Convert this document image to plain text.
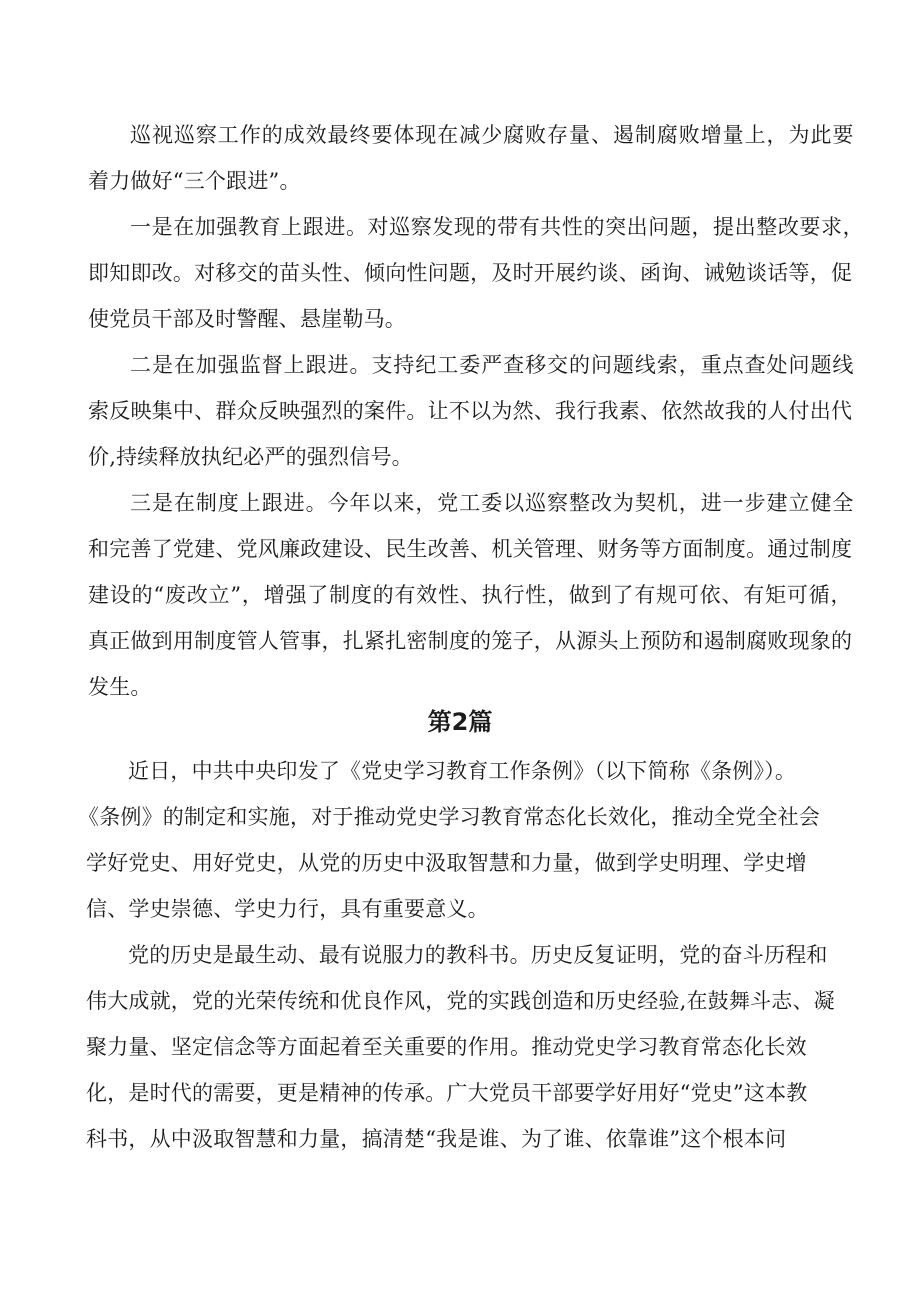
巡视巡察工作的成效最终要体现在减少腐败存量、遏制腐败增量上，为此要
着力做好“三个跟进”。
一是在加强教育上跟进。对巡察发现的带有共性的突出问题，提出整改要求，
即知即改。对移交的苗头性、倾向性问题，及时开展约谈、函询、诫勉谈话等，促
使党员干部及时警醒、悬崖勒马。
二是在加强监督上跟进。支持纪工委严查移交的问题线索，重点查处问题线
索反映集中、群众反映强烈的案件。让不以为然、我行我素、依然故我的人付出代
价,持续释放执纪必严的强烈信号。
三是在制度上跟进。今年以来，党工委以巡察整改为契机，进一步建立健全
和完善了党建、党风廉政建设、民生改善、机关管理、财务等方面制度。通过制度
建设的“废改立”，增强了制度的有效性、执行性，做到了有规可依、有矩可循，
真正做到用制度管人管事，扎紧扎密制度的笼子，从源头上预防和遏制腐败现象的
发生。
第2篇
近日，中共中央印发了《党史学习教育工作条例》（以下简称《条例》）。
《条例》的制定和实施，对于推动党史学习教育常态化长效化，推动全党全社会
学好党史、用好党史，从党的历史中汲取智慧和力量，做到学史明理、学史增
信、学史崇德、学史力行，具有重要意义。
党的历史是最生动、最有说服力的教科书。历史反复证明，党的奋斗历程和
伟大成就，党的光荣传统和优良作风，党的实践创造和历史经验,在鼓舞斗志、凝
聚力量、坚定信念等方面起着至关重要的作用。推动党史学习教育常态化长效
化，是时代的需要，更是精神的传承。广大党员干部要学好用好“党史”这本教
科书，从中汲取智慧和力量，搞清楚“我是谁、为了谁、依靠谁”这个根本问
